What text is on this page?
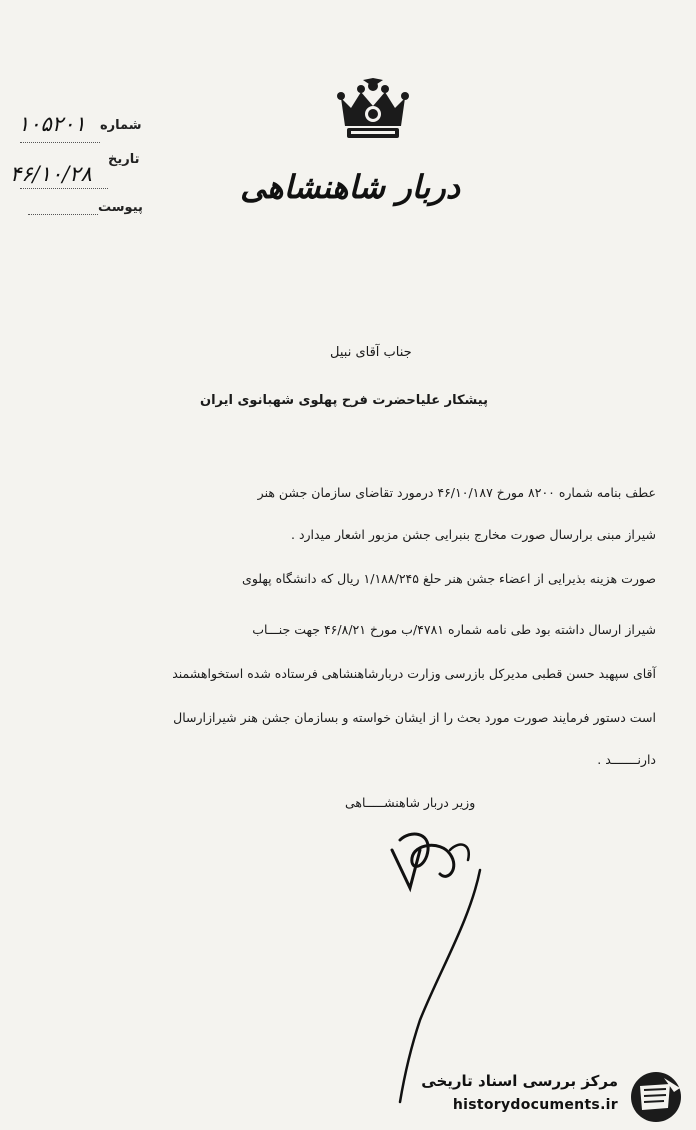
شماره
۱۰۵۲۰۱
تاریخ
۴۶/۱۰/۲۸
پیوست
دربار شاهنشاهی
جناب آقای نبیل
پیشکار علیاحضرت فرح پهلوی شهبانوی ایران
عطف بنامه شماره ۸۲۰۰ مورخ ۴۶/۱۰/۱۸۷ درمورد تقاضای سازمان جشن هنر
شیراز مبنی برارسال صورت مخارج بنبرایی جشن مزبور اشعار میدارد .
صورت هزینه بذیرایی از اعضاء جشن هنر حلغ ۱/۱۸۸/۲۴۵ ریال که دانشگاه پهلوی
شیراز ارسال داشته بود طی نامه شماره ۴۷۸۱/ب مورخ ۴۶/۸/۲۱ جهت جنـــاب
آقای سپهبد حسن قطبی مدیرکل بازرسی وزارت دربارشاهنشاهی فرستاده شده استخواهشمند
است دستور فرمایند صورت مورد بحث را از ایشان خواسته و بسازمان جشن هنر شیرازارسال
دارنـــــــد .
وزیر دربار شاهنشـــــاهی
مرکز بررسی اسناد تاریخی
historydocuments.ir
